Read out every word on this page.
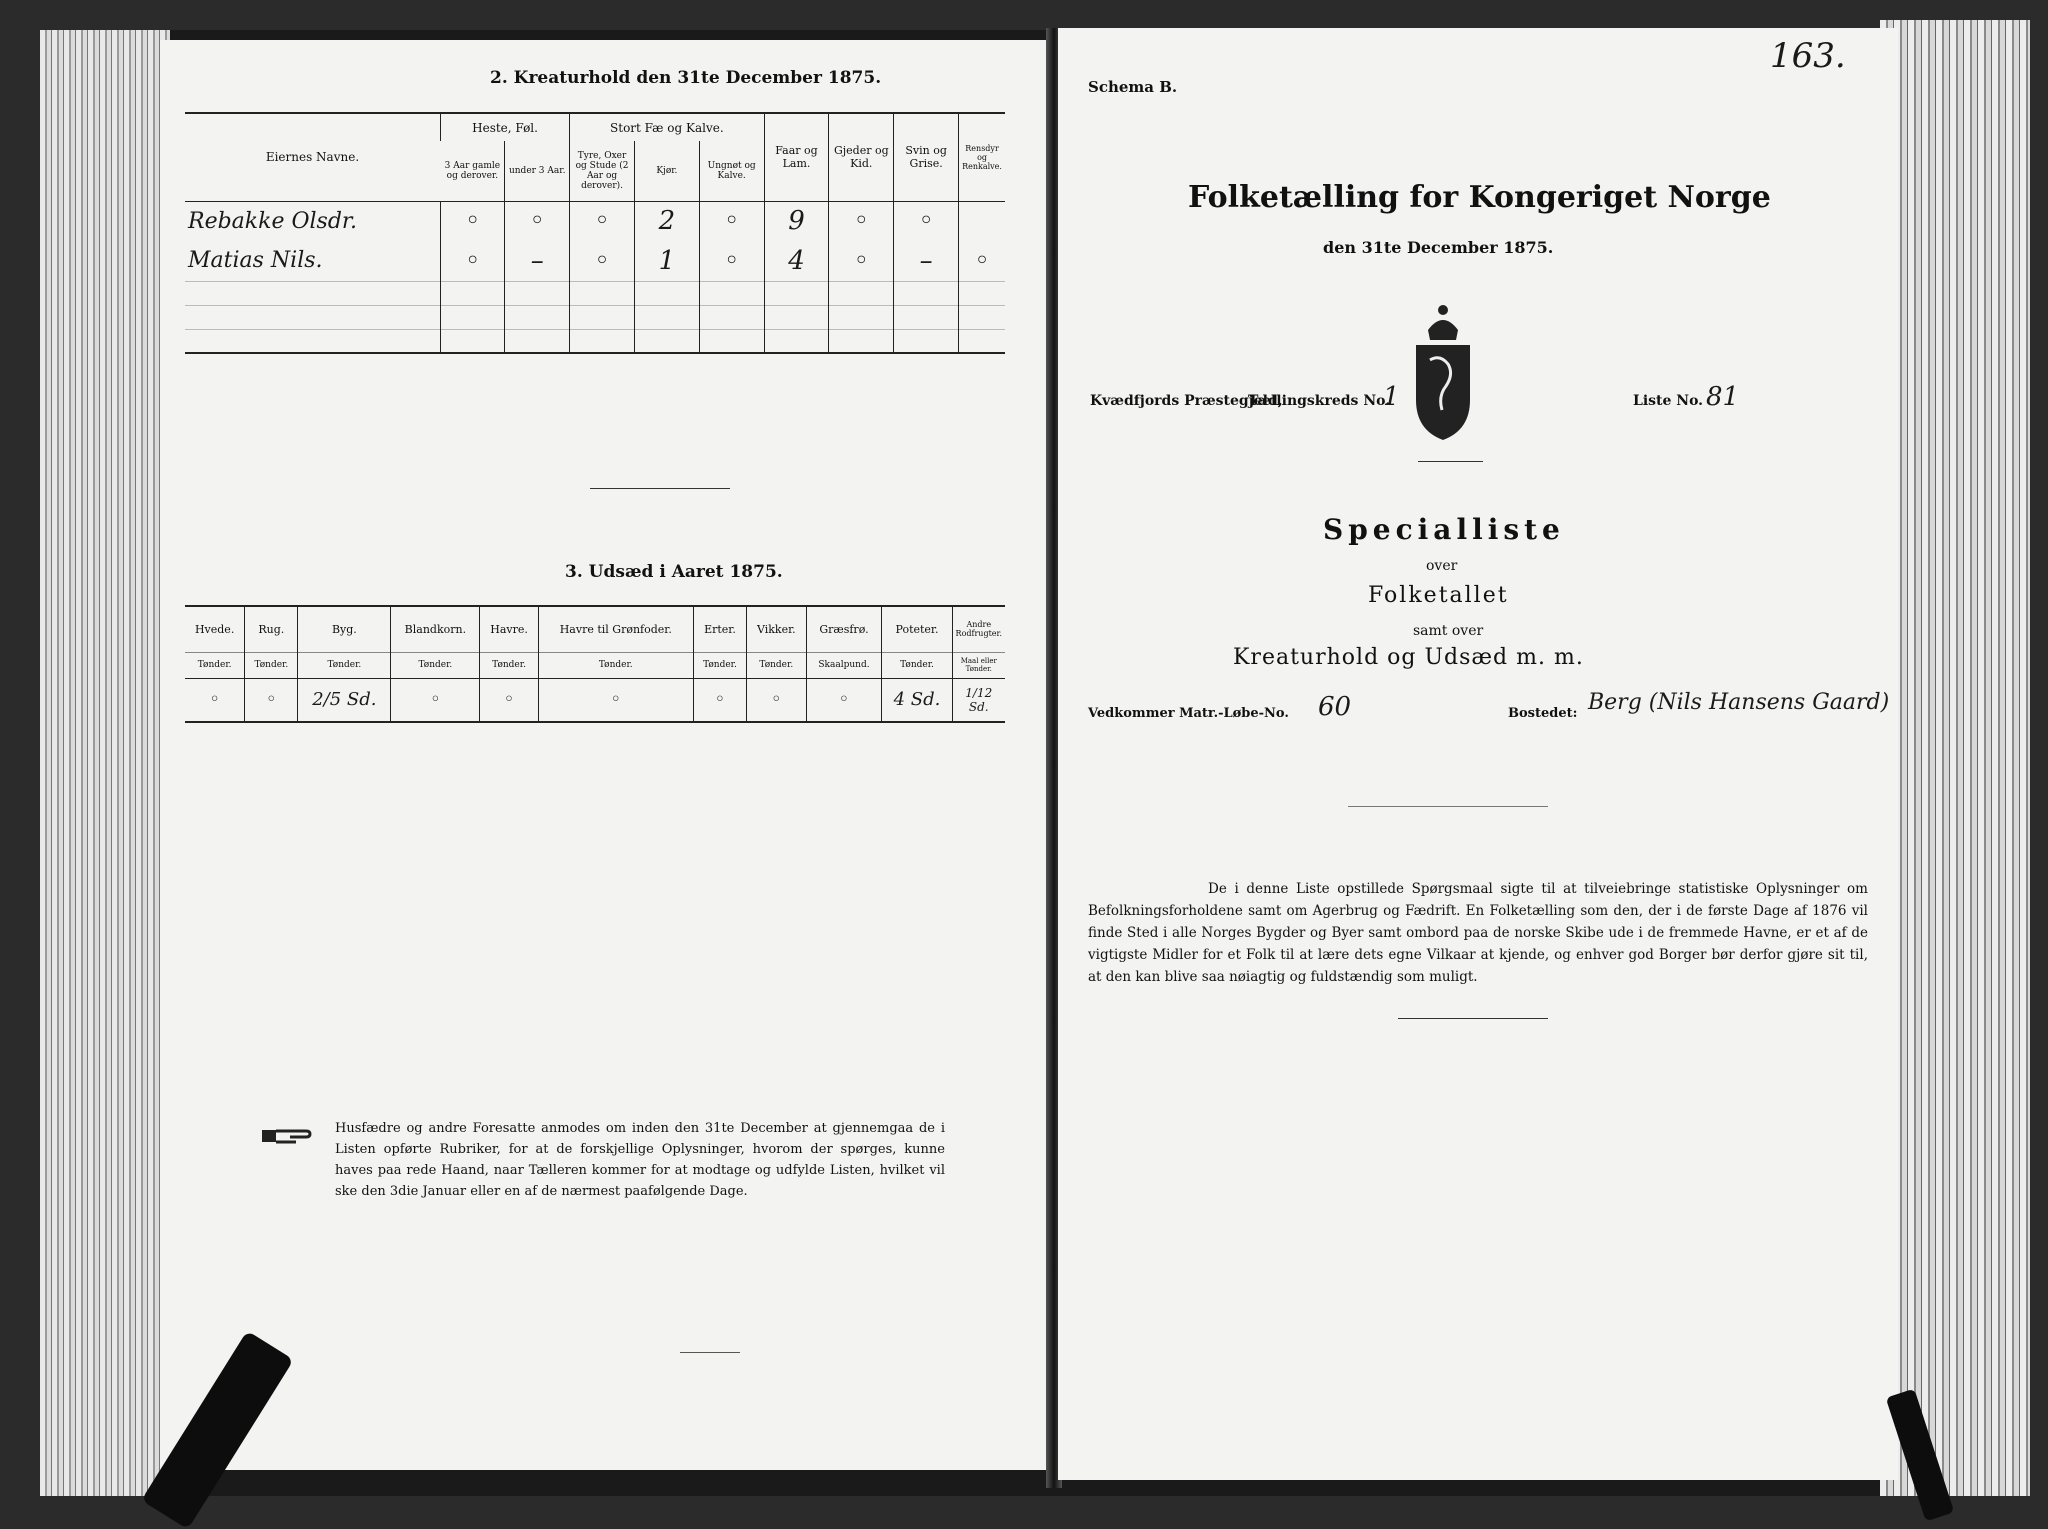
2. Kreaturhold den 31te December 1875.
Eiernes Navne.	Heste, Føl.		Stort Fæ og Kalve.			Faar og Lam.	Gjeder og Kid.	Svin og Grise.	Rensdyr og Renkalve.
	3 Aar gamle og derover.	under 3 Aar.	Tyre, Oxer og Stude (2 Aar og derover).	Kjør.	Ungnøt og Kalve.				
Rebakke Olsdr.	◦	◦	◦	2	◦	9	◦	◦	
Matias Nils.	◦	–	◦	1	◦	4	◦	–	◦

3. Udsæd i Aaret 1875.
Hvede.	Rug.	Byg.	Blandkorn.	Havre.	Havre til Grønfoder.	Erter.	Vikker.	Græsfrø.	Poteter.	Andre Rodfrugter.
Tønder.	Tønder.	Tønder.	Tønder.	Tønder.	Tønder.	Tønder.	Tønder.	Skaalpund.	Tønder.	Maal eller Tønder.
◦	◦	2/5 Sd.	◦	◦	◦	◦	◦	◦	4 Sd.	1/12 Sd.
Husfædre og andre Foresatte anmodes om inden den 31te December at gjennemgaa de i Listen opførte Rubriker, for at de forskjellige Oplysninger, hvorom der spørges, kunne haves paa rede Haand, naar Tælleren kommer for at modtage og udfylde Listen, hvilket vil ske den 3die Januar eller en af de nærmest paafølgende Dage.
163.
Schema B.
Folketælling for Kongeriget Norge
den 31te December 1875.
Kvædfjords Præstegjeld,
Tællingskreds No.
1	Liste No. 81
Specialliste
over
Folketallet
samt over
Kreaturhold og Udsæd m. m.
Vedkommer Matr.-Løbe-No. 60	Bostedet: Berg (Nils Hansens Gaard)
De i denne Liste opstillede Spørgsmaal sigte til at tilveiebringe statistiske Oplysninger om Befolkningsforholdene samt om Agerbrug og Fædrift. En Folketælling som den, der i de første Dage af 1876 vil finde Sted i alle Norges Bygder og Byer samt ombord paa de norske Skibe ude i de fremmede Havne, er et af de vigtigste Midler for et Folk til at lære dets egne Vilkaar at kjende, og enhver god Borger bør derfor gjøre sit til, at den kan blive saa nøiagtig og fuldstændig som muligt.
